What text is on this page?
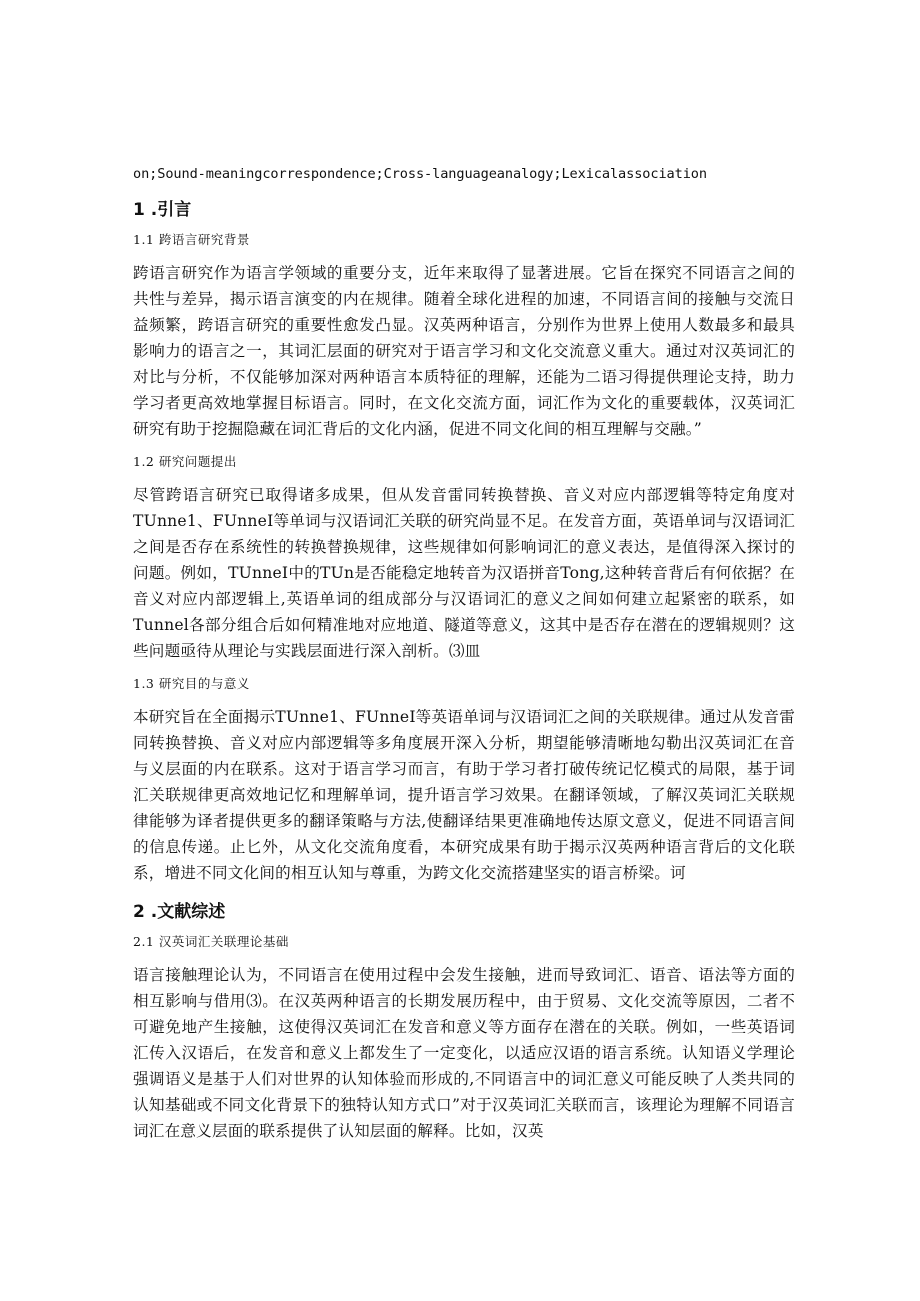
on;Sound-meaningcorrespondence;Cross-languageanalogy;Lexicalassociation
1 .引言
1.1 跨语言研究背景

跨语言研究作为语言学领域的重要分支，近年来取得了显著进展。它旨在探究不同语言之间的共性与差异，揭示语言演变的内在规律。随着全球化进程的加速，不同语言间的接触与交流日益频繁，跨语言研究的重要性愈发凸显。汉英两种语言，分别作为世界上使用人数最多和最具影响力的语言之一，其词汇层面的研究对于语言学习和文化交流意义重大。通过对汉英词汇的对比与分析，不仅能够加深对两种语言本质特征的理解，还能为二语习得提供理论支持，助力学习者更高效地掌握目标语言。同时，在文化交流方面，词汇作为文化的重要载体，汉英词汇研究有助于挖掘隐藏在词汇背后的文化内涵，促进不同文化间的相互理解与交融。”

1.2 研究问题提出

尽管跨语言研究已取得诸多成果，但从发音雷同转换替换、音义对应内部逻辑等特定角度对TUnne1、FUnneI等单词与汉语词汇关联的研究尚显不足。在发音方面，英语单词与汉语词汇之间是否存在系统性的转换替换规律，这些规律如何影响词汇的意义表达，是值得深入探讨的问题。例如，TUnneI中的TUn是否能稳定地转音为汉语拼音Tong,这种转音背后有何依据？在音义对应内部逻辑上,英语单词的组成部分与汉语词汇的意义之间如何建立起紧密的联系，如Tunnel各部分组合后如何精准地对应地道、隧道等意义，这其中是否存在潜在的逻辑规则？这些问题亟待从理论与实践层面进行深入剖析。⑶皿

1.3 研究目的与意义

本研究旨在全面揭示TUnne1、FUnneI等英语单词与汉语词汇之间的关联规律。通过从发音雷同转换替换、音义对应内部逻辑等多角度展开深入分析，期望能够清晰地勾勒出汉英词汇在音与义层面的内在联系。这对于语言学习而言，有助于学习者打破传统记忆模式的局限，基于词汇关联规律更高效地记忆和理解单词，提升语言学习效果。在翻译领域，了解汉英词汇关联规律能够为译者提供更多的翻译策略与方法,使翻译结果更准确地传达原文意义，促进不同语言间的信息传递。止匕外，从文化交流角度看，本研究成果有助于揭示汉英两种语言背后的文化联系，增进不同文化间的相互认知与尊重，为跨文化交流搭建坚实的语言桥梁。诃

2 .文献综述
2.1 汉英词汇关联理论基础

语言接触理论认为，不同语言在使用过程中会发生接触，进而导致词汇、语音、语法等方面的相互影响与借用⑶。在汉英两种语言的长期发展历程中，由于贸易、文化交流等原因，二者不可避免地产生接触，这使得汉英词汇在发音和意义等方面存在潜在的关联。例如，一些英语词汇传入汉语后，在发音和意义上都发生了一定变化，以适应汉语的语言系统。认知语义学理论强调语义是基于人们对世界的认知体验而形成的,不同语言中的词汇意义可能反映了人类共同的认知基础或不同文化背景下的独特认知方式口”对于汉英词汇关联而言，该理论为理解不同语言词汇在意义层面的联系提供了认知层面的解释。比如，汉英
